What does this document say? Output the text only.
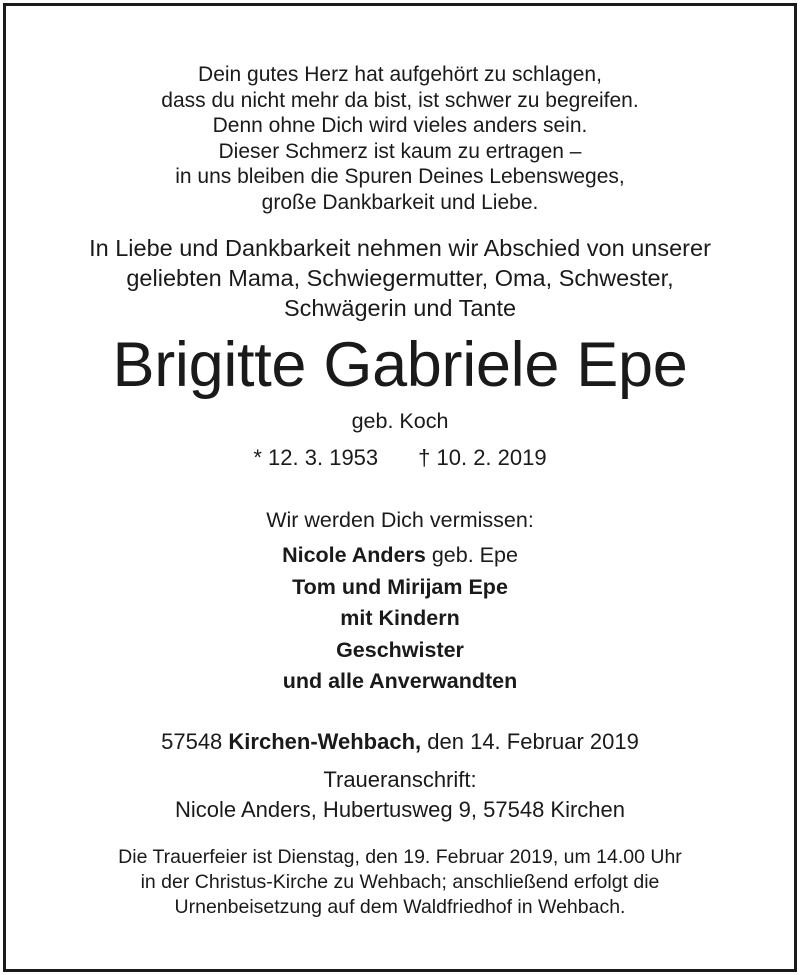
Dein gutes Herz hat aufgehört zu schlagen,
dass du nicht mehr da bist, ist schwer zu begreifen.
Denn ohne Dich wird vieles anders sein.
Dieser Schmerz ist kaum zu ertragen –
in uns bleiben die Spuren Deines Lebensweges,
große Dankbarkeit und Liebe.
In Liebe und Dankbarkeit nehmen wir Abschied von unserer
geliebten Mama, Schwiegermutter, Oma, Schwester,
Schwägerin und Tante
Brigitte Gabriele Epe
geb. Koch
* 12. 3. 1953 † 10. 2. 2019
Wir werden Dich vermissen:
Nicole Anders geb. Epe
Tom und Mirijam Epe
mit Kindern
Geschwister
und alle Anverwandten
57548 Kirchen-Wehbach, den 14. Februar 2019
Traueranschrift:
Nicole Anders, Hubertusweg 9, 57548 Kirchen
Die Trauerfeier ist Dienstag, den 19. Februar 2019, um 14.00 Uhr
in der Christus-Kirche zu Wehbach; anschließend erfolgt die
Urnenbeisetzung auf dem Waldfriedhof in Wehbach.
